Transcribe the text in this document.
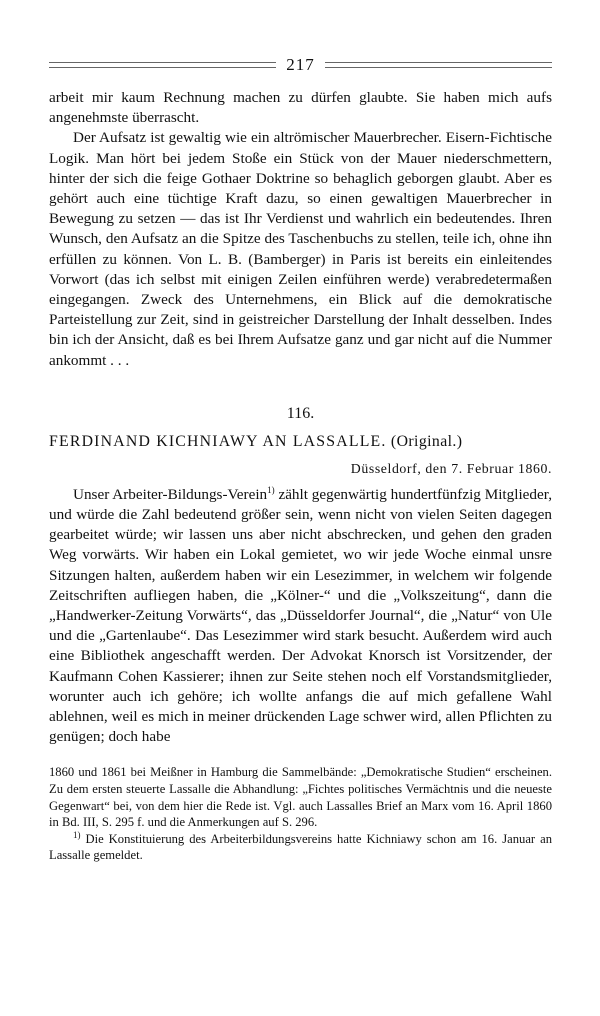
217

arbeit mir kaum Rechnung machen zu dürfen glaubte. Sie haben mich aufs angenehmste überrascht.

Der Aufsatz ist gewaltig wie ein altrömischer Mauerbrecher. Eisern-Fichtische Logik. Man hört bei jedem Stoße ein Stück von der Mauer niederschmettern, hinter der sich die feige Gothaer Doktrine so behaglich geborgen glaubt. Aber es gehört auch eine tüchtige Kraft dazu, so einen gewaltigen Mauerbrecher in Bewegung zu setzen — das ist Ihr Verdienst und wahrlich ein bedeutendes. Ihren Wunsch, den Aufsatz an die Spitze des Taschenbuchs zu stellen, teile ich, ohne ihn erfüllen zu können. Von L. B. (Bamberger) in Paris ist bereits ein einleitendes Vorwort (das ich selbst mit einigen Zeilen einführen werde) verabredetermaßen eingegangen. Zweck des Unternehmens, ein Blick auf die demokratische Parteistellung zur Zeit, sind in geistreicher Darstellung der Inhalt desselben. Indes bin ich der Ansicht, daß es bei Ihrem Aufsatze ganz und gar nicht auf die Nummer ankommt . . .

116.
FERDINAND KICHNIAWY AN LASSALLE. (Original.)
Düsseldorf, den 7. Februar 1860.

Unser Arbeiter-Bildungs-Verein$^{1)}$ zählt gegenwärtig hundertfünfzig Mitglieder, und würde die Zahl bedeutend größer sein, wenn nicht von vielen Seiten dagegen gearbeitet würde; wir lassen uns aber nicht abschrecken, und gehen den graden Weg vorwärts. Wir haben ein Lokal gemietet, wo wir jede Woche einmal unsre Sitzungen halten, außerdem haben wir ein Lesezimmer, in welchem wir folgende Zeitschriften aufliegen haben, die „Kölner-“ und die „Volkszeitung“, dann die „Handwerker-Zeitung Vorwärts“, das „Düsseldorfer Journal“, die „Natur“ von Ule und die „Gartenlaube“. Das Lesezimmer wird stark besucht. Außerdem wird auch eine Bibliothek angeschafft werden. Der Advokat Knorsch ist Vorsitzender, der Kaufmann Cohen Kassierer; ihnen zur Seite stehen noch elf Vorstandsmitglieder, worunter auch ich gehöre; ich wollte anfangs die auf mich gefallene Wahl ablehnen, weil es mich in meiner drückenden Lage schwer wird, allen Pflichten zu genügen; doch habe

1860 und 1861 bei Meißner in Hamburg die Sammelbände: „Demokratische Studien“ erscheinen. Zu dem ersten steuerte Lassalle die Abhandlung: „Fichtes politisches Vermächtnis und die neueste Gegenwart“ bei, von dem hier die Rede ist. Vgl. auch Lassalles Brief an Marx vom 16. April 1860 in Bd. III, S. 295 f. und die Anmerkungen auf S. 296.

$^{1)}$ Die Konstituierung des Arbeiterbildungsvereins hatte Kichniawy schon am 16. Januar an Lassalle gemeldet.
